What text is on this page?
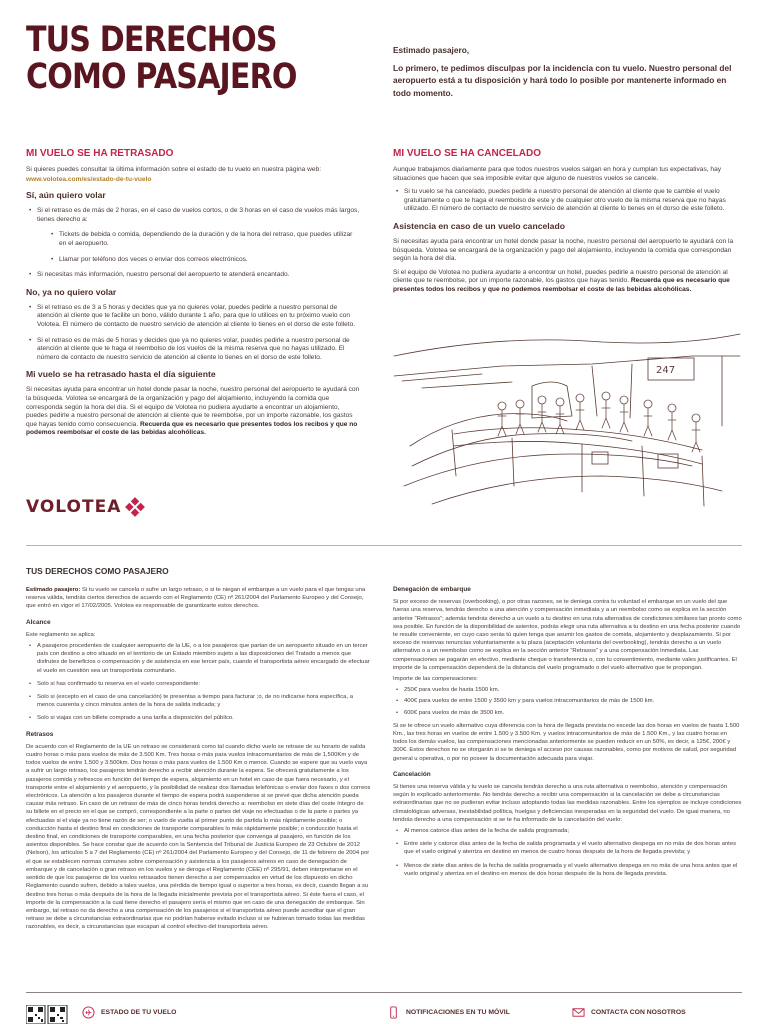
TUS DERECHOS
COMO PASAJERO

Estimado pasajero,

Lo primero, te pedimos disculpas por la incidencia con tu vuelo. Nuestro personal del aeropuerto está a tu disposición y hará todo lo posible por mantenerte informado en todo momento.

MI VUELO SE HA RETRASADO

Si quieres puedes consultar la última información sobre el estado de tu vuelo en nuestra página web:

www.volotea.com/es/estado-de-tu-vuelo

Sí, aún quiero volar
• Si el retraso es de más de 2 horas, en el caso de vuelos cortos, o de 3 horas en el caso de vuelos más largos, tienes derecho a:
• Tickets de bebida o comida, dependiendo de la duración y de la hora del retraso, que puedes utilizar en el aeropuerto.
• Llamar por teléfono dos veces o enviar dos correos electrónicos.
• Si necesitas más información, nuestro personal del aeropuerto te atenderá encantado.
No, ya no quiero volar
• Si el retraso es de 3 a 5 horas y decides que ya no quieres volar, puedes pedirle a nuestro personal de atención al cliente que te facilite un bono, válido durante 1 año, para que lo utilices en tu próximo vuelo con Volotea. El número de contacto de nuestro servicio de atención al cliente lo tienes en el dorso de este folleto.
• Si el retraso es de más de 5 horas y decides que ya no quieres volar, puedes pedirle a nuestro personal de atención al cliente que te haga el reembolso de los vuelos de la misma reserva que no hayas utilizado. El número de contacto de nuestro servicio de atención al cliente lo tienes en el dorso de este folleto.
Mi vuelo se ha retrasado hasta el día siguiente

Si necesitas ayuda para encontrar un hotel donde pasar la noche, nuestro personal del aeropuerto te ayudará con la búsqueda. Volotea se encargará de la organización y pago del alojamiento, incluyendo la comida que corresponda según la hora del día. Si el equipo de Volotea no pudiera ayudarte a encontrar un alojamiento, puedes pedirle a nuestro personal de atención al cliente que te reembolse, por un importe razonable, los gastos que hayas tenido como consecuencia. Recuerda que es necesario que presentes todos los recibos y que no podemos reembolsar el coste de las bebidas alcohólicas.

MI VUELO SE HA CANCELADO

Aunque trabajamos diariamente para que todos nuestros vuelos salgan en hora y cumplan tus expectativas, hay situaciones que hacen que sea imposible evitar que alguno de nuestros vuelos se cancele.

• Si tu vuelo se ha cancelado, puedes pedirle a nuestro personal de atención al cliente que te cambie el vuelo gratuitamente o que te haga el reembolso de este y de cualquier otro vuelo de la misma reserva que no hayas utilizado. El número de contacto de nuestro servicio de atención al cliente lo tienes en el dorso de este folleto.
Asistencia en caso de un vuelo cancelado

Si necesitas ayuda para encontrar un hotel donde pasar la noche, nuestro personal del aeropuerto te ayudará con la búsqueda. Volotea se encargará de la organización y pago del alojamiento, incluyendo la comida que correspondan según la hora del día.

Si el equipo de Volotea no pudiera ayudarte a encontrar un hotel, puedes pedirle a nuestro personal de atención al cliente que te reembolse, por un importe razonable, los gastos que hayas tenido. Recuerda que es necesario que presentes todos los recibos y que no podemos reembolsar el coste de las bebidas alcohólicas.

247
VOLOTEA
TUS DERECHOS COMO PASAJERO

Estimado pasajero: Si tu vuelo se cancela o sufre un largo retraso, o si te niegan el embarque a un vuelo para el que tengas una reserva válida, tendrás ciertos derechos de acuerdo con el Reglamento (CE) nº 261/2004 del Parlamento Europeo y del Consejo, que entró en vigor el 17/02/2005. Volotea es responsable de garantizarte estos derechos.

Alcance

Este reglamento se aplica:

• A pasajeros procedentes de cualquier aeropuerto de la UE, o a los pasajeros que partan de un aeropuerto situado en un tercer país con destino a otro situado en el territorio de un Estado miembro sujeto a las disposiciones del Tratado a menos que disfrutes de beneficios o compensación y de asistencia en ese tercer país, cuando el transportista aéreo encargado de efectuar el vuelo en cuestión sea un transportista comunitario.
• Solo si has confirmado tu reserva en el vuelo correspondiente:
• Solo si (excepto en el caso de una cancelación) te presentas a tiempo para facturar ;o, de no indicarse hora específica, a menos cuarenta y cinco minutos antes de la hora de salida indicada; y
• Solo si viajas con un billete comprado a una tarifa a disposición del público.
Retrasos

De acuerdo con el Reglamento de la UE un retraso se considerará como tal cuando dicho vuelo se retrase de su horario de salida cuatro horas o más para vuelos de más de 3.500 Km. Tres horas o más para vuelos intracomunitarios de más de 1,500Km y de todos vuelos de entre 1.500 y 3.500km. Dos horas o más para vuelos de 1.500 Km o menos. Cuando se espere que su vuelo vaya a sufrir un largo retraso, los pasajeros tendrán derecho a recibir atención durante la espera. Se ofrecerá gratuitamente a los pasajeros comida y refrescos en función del tiempo de espera, alojamiento en un hotel en caso de que fuera necesario, y el transporte entre el alojamiento y el aeropuerto, y la posibilidad de realizar dos llamadas telefónicas o enviar dos faxes o dos correos electrónicos. La atención a los pasajeros durante el tiempo de espera podrá suspenderse si se prevé que dicha atención pueda causar más retraso. En caso de un retraso de más de cinco horas tendrá derecho a: reembolso en siete días del coste íntegro de su billete en el precio en el que se compró, correspondiente a la parte o partes del viaje no efectuadas o de la parte o partes ya efectuadas si el viaje ya no tiene razón de ser; o vuelo de vuelta al primer punto de partida lo más rápidamente posible; o conducción hasta el destino final en condiciones de transporte comparables lo más rápidamente posible; o conducción hasta el destino final, en condiciones de transporte comparables, en una fecha posterior que convenga al pasajero, en función de los asientos disponibles. Se hace constar que de acuerdo con la Sentencia del Tribunal de Justicia Europeo de 23 Octubre de 2012 (Nelson), los artículos 5 a 7 del Reglamento (CE) nº 261/2004 del Parlamento Europeo y del Consejo, de 11 de febrero de 2004 por el que se establecen normas comunes sobre compensación y asistencia a los pasajeros aéreos en caso de denegación de embarque y de cancelación o gran retraso en los vuelos y se deroga el Reglamento (CEE) nº 295/91, deben interpretarse en el sentido de que los pasajeros de los vuelos retrasados tienen derecho a ser compensados en virtud de los dispuesto en dicho Reglamento cuando sufren, debido a tales vuelos, una pérdida de tiempo igual o superior a tres horas, es decir, cuando llegan a su destino tres horas o más después de la hora de la llegada inicialmente prevista por el transportista aéreo. Si éste fuera el caso, el importe de la compensación a la cual tiene derecho el pasajero sería el mismo que en caso de una denegación de embarque. Sin embargo, tal retraso no da derecho a una compensación de los pasajeros si el transportista aéreo puede acreditar que el gran retraso se debe a circunstancias extraordinarias que no podrían haberse evitado incluso si se hubieran tomado todas las medidas razonables, es decir, a circunstancias que escapan al control efectivo del transportista aéreo.

Denegación de embarque

Si por exceso de reservas (overbooking), o por otras razones, se te deniega contra tu voluntad el embarque en un vuelo del que fueras una reserva, tendrás derecho a una atención y compensación inmediata y a un reembolso como se explica en la sección anterior “Retrasos”; además tendrás derecho a un vuelo a tu destino en una ruta alternativa de condiciones similares tan pronto como sea posible. En función de la disponibilidad de asientos, podrás elegir una ruta alternativa a tu destino en una fecha posterior cuando te resulte conveniente, en cuyo caso serás tú quien tenga que asumir los gastos de comida, alojamiento y desplazamiento. Si por exceso de reservas renuncias voluntariamente a tu plaza (aceptación voluntaria del overbooking), tendrás derecho a un vuelo alternativo o a un reembolso como se explica en la sección anterior “Retrasos” y a una compensación inmediata. Las compensaciones se pagarán en efectivo, mediante cheque o transferencia o, con tu consentimiento, mediante vales justificantes. El importe de la compensación dependerá de la distancia del vuelo programado o del vuelo alternativo que te propongan.

Importe de las compensaciones:

• 250€ para vuelos de hasta 1500 km.
• 400€ para vuelos de entre 1500 y 3500 km y para vuelos intracomunitarios de más de 1500 km.
• 600€ para vuelos de más de 3500 km.

Si se te ofrece un vuelo alternativo cuya diferencia con la hora de llegada prevista no excede las dos horas en vuelos de hasta 1.500 Km., las tres horas en vuelos de entre 1.500 y 3.500 Km. y vuelos intracomunitarios de más de 1.500 Km., y las cuatro horas en todos los demás vuelos, las compensaciones mencionadas anteriormente se pueden reducir en un 50%, es decir, a 125€, 200€ y 300€. Estos derechos no se otorgarán si se te deniega el acceso por causas razonables, como por motivos de salud, por seguridad general u operativa, o por no poseer la documentación adecuada para viajar.

Cancelación

Si tienes una reserva válida y tu vuelo se cancela tendrás derecho a una ruta alternativa o reembolso, atención y compensación según lo explicado anteriormente. No tendrás derecho a recibir una compensación si la cancelación se debe a circunstancias extraordinarias que no se pudieran evitar incluso adoptando todas las medidas razonables. Entre los ejemplos se incluye condiciones climatológicas adversas, inestabilidad política, huelgas y deficiencias inesperadas en la seguridad del vuelo. De igual manera, no tendrás derecho a una compensación si se te ha informado de la cancelación del vuelo:

• Al menos catorce días antes de la fecha de salida programada;
• Entre siete y catorce días antes de la fecha de salida programada y el vuelo alternativo despega en no más de dos horas antes que el vuelo original y aterriza en destino en menos de cuatro horas después de la hora de llegada prevista; y
• Menos de siete días antes de la fecha de salida programada y el vuelo alternativo despega en no más de una hora antes que el vuelo original y aterriza en el destino en menos de dos horas después de la hora de llegada prevista.
ESTADO DE TU VUELO	NOTIFICACIONES EN TU MÓVIL	CONTACTA CON NOSOTROS
